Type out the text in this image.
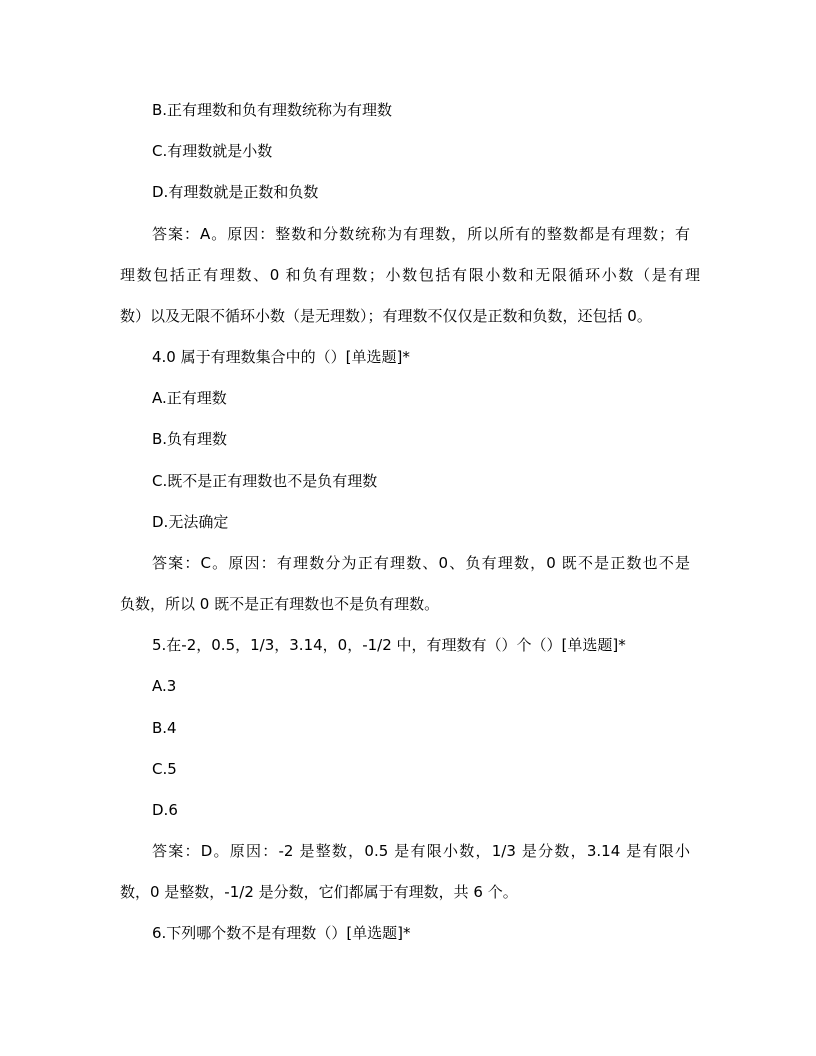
B.正有理数和负有理数统称为有理数
C.有理数就是小数
D.有理数就是正数和负数
答案：A。原因：整数和分数统称为有理数，所以所有的整数都是有理数；有
理数包括正有理数、0 和负有理数；小数包括有限小数和无限循环小数（是有理
数）以及无限不循环小数（是无理数）；有理数不仅仅是正数和负数，还包括 0。
4.0 属于有理数集合中的（）[单选题]*
A.正有理数
B.负有理数
C.既不是正有理数也不是负有理数
D.无法确定
答案：C。原因：有理数分为正有理数、0、负有理数，0 既不是正数也不是
负数，所以 0 既不是正有理数也不是负有理数。
5.在-2，0.5，1/3，3.14，0，-1/2 中，有理数有（）个（）[单选题]*
A.3
B.4
C.5
D.6
答案：D。原因：-2 是整数，0.5 是有限小数，1/3 是分数，3.14 是有限小
数，0 是整数，-1/2 是分数，它们都属于有理数，共 6 个。
6.下列哪个数不是有理数（）[单选题]*
